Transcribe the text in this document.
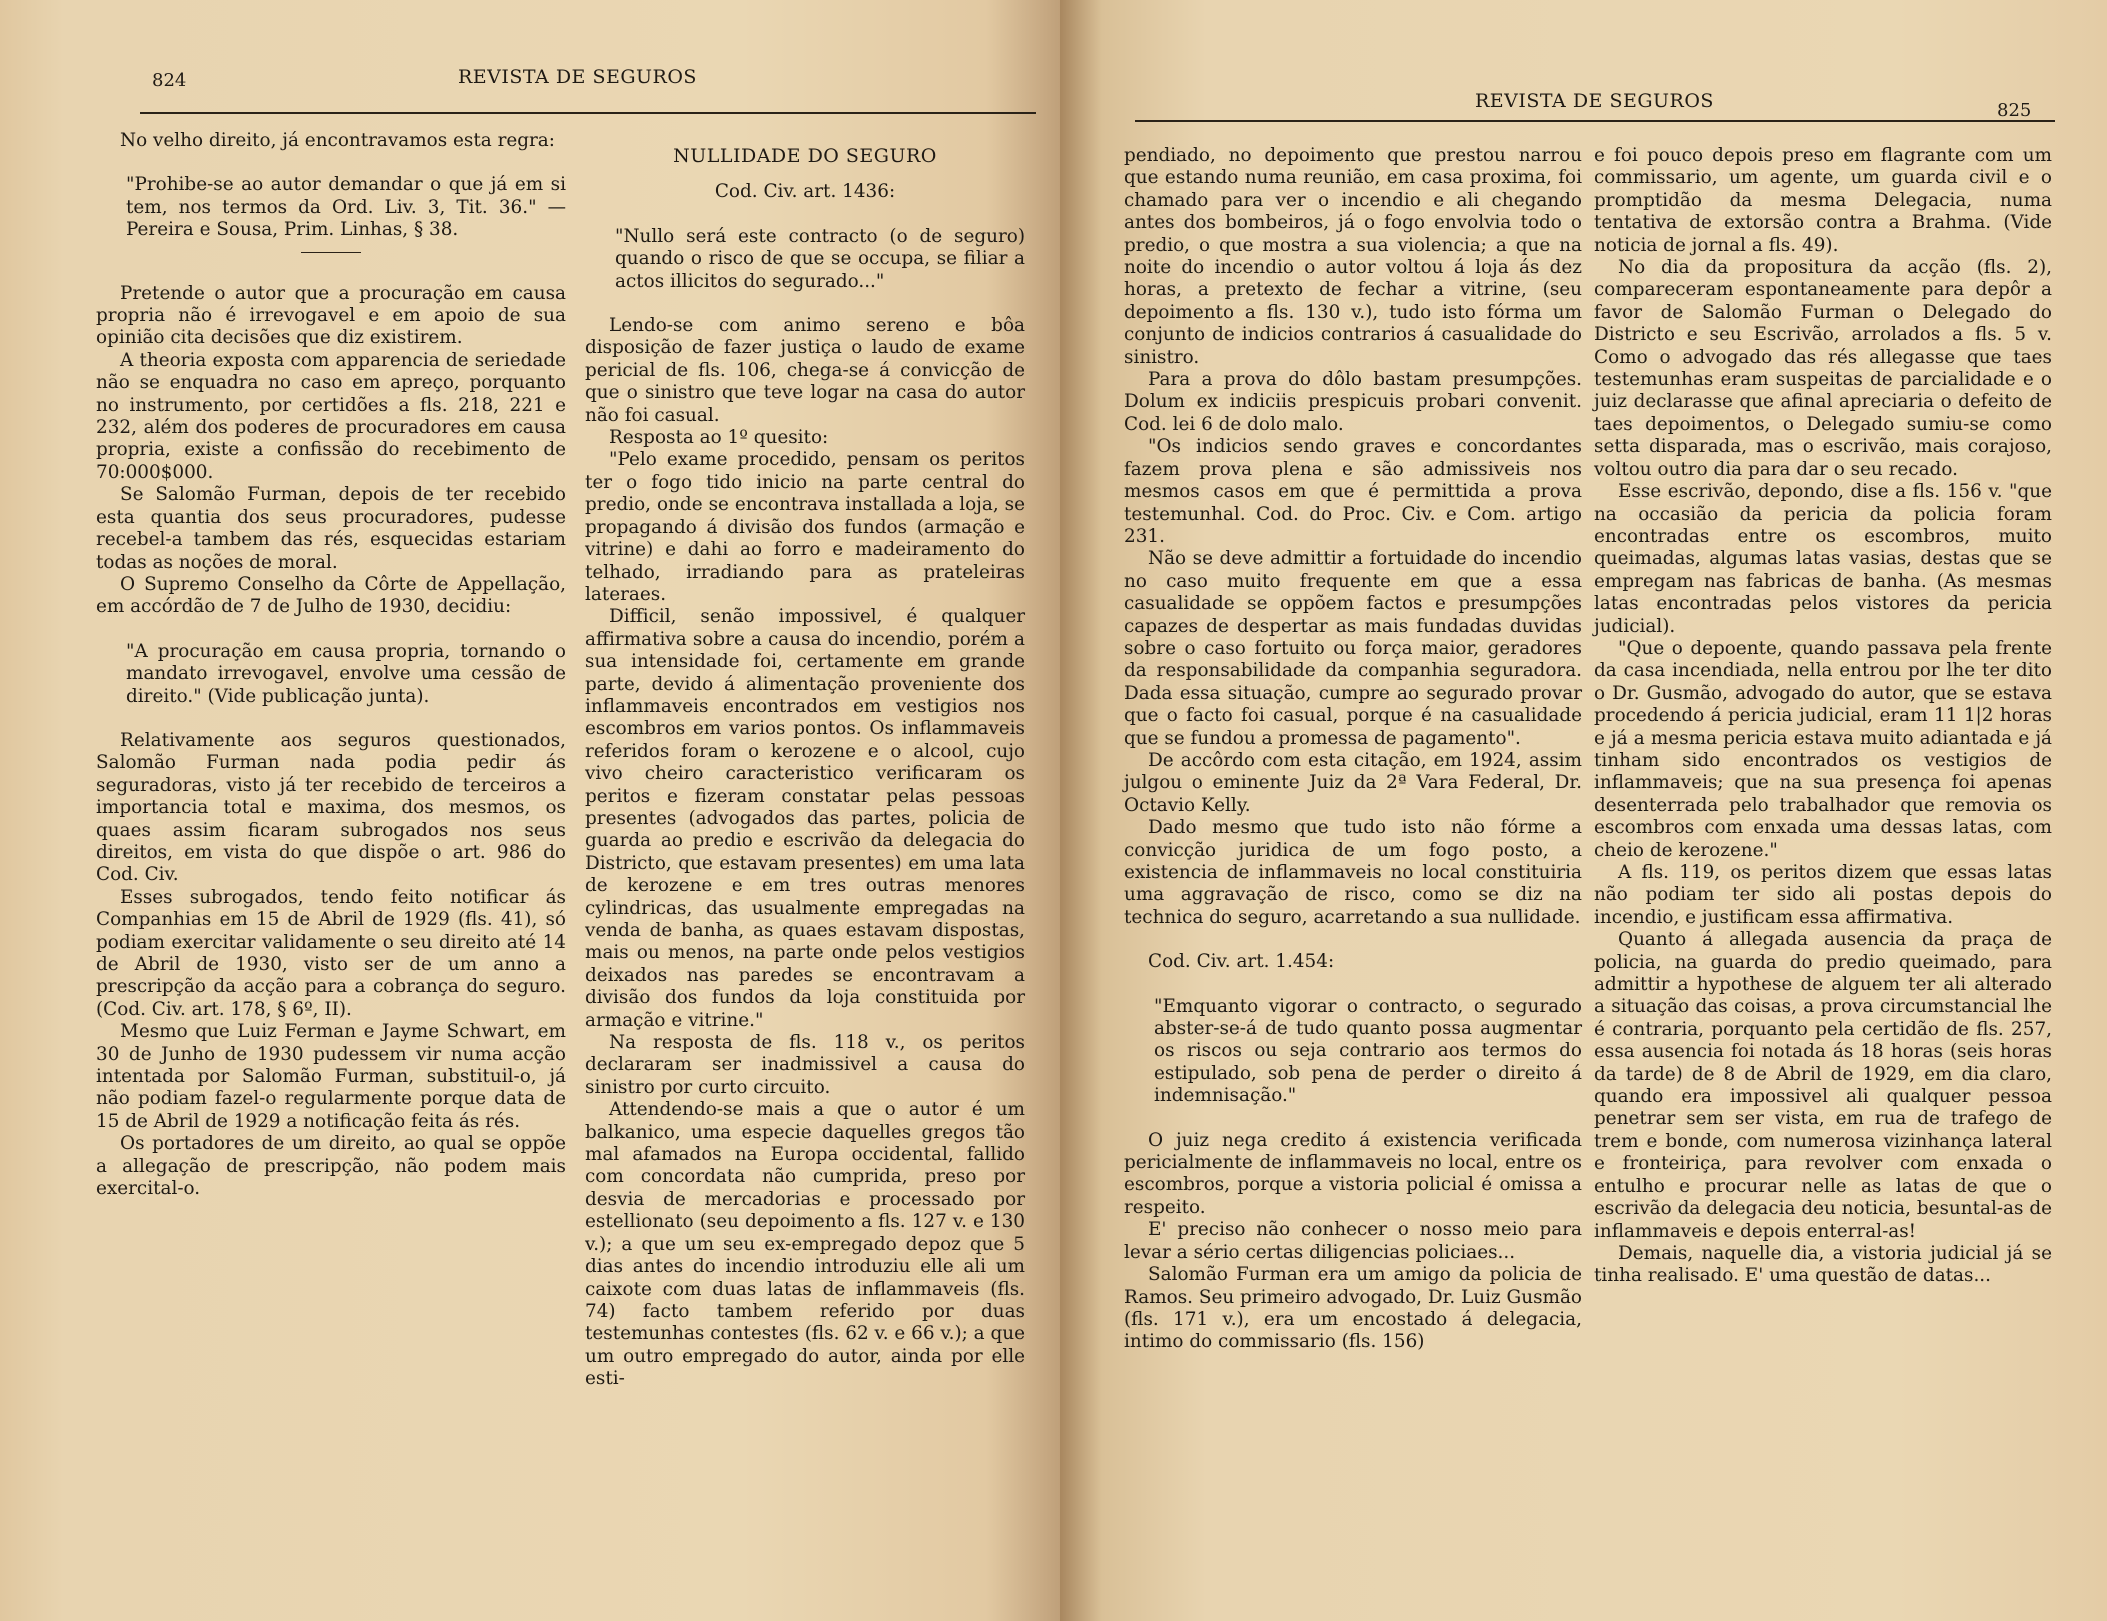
824	REVISTA DE SEGUROS

No velho direito, já encontravamos esta regra:

"Prohibe-se ao autor demandar o que já em si tem, nos termos da Ord. Liv. 3, Tit. 36." — Pereira e Sousa, Prim. Linhas, § 38.

Pretende o autor que a procuração em causa propria não é irrevogavel e em apoio de sua opinião cita decisões que diz existirem.

A theoria exposta com apparencia de seriedade não se enquadra no caso em apreço, porquanto no instrumento, por certidões a fls. 218, 221 e 232, além dos poderes de procuradores em causa propria, existe a confissão do recebimento de 70:000$000.

Se Salomão Furman, depois de ter recebido esta quantia dos seus procuradores, pudesse recebel-a tambem das rés, esquecidas estariam todas as noções de moral.

O Supremo Conselho da Côrte de Appellação, em accórdão de 7 de Julho de 1930, decidiu:

"A procuração em causa propria, tornando o mandato irrevogavel, envolve uma cessão de direito." (Vide publicação junta).

Relativamente aos seguros questionados, Salomão Furman nada podia pedir ás seguradoras, visto já ter recebido de terceiros a importancia total e maxima, dos mesmos, os quaes assim ficaram subrogados nos seus direitos, em vista do que dispõe o art. 986 do Cod. Civ.

Esses subrogados, tendo feito notificar ás Companhias em 15 de Abril de 1929 (fls. 41), só podiam exercitar validamente o seu direito até 14 de Abril de 1930, visto ser de um anno a prescripção da acção para a cobrança do seguro. (Cod. Civ. art. 178, § 6º, II).

Mesmo que Luiz Ferman e Jayme Schwart, em 30 de Junho de 1930 pudessem vir numa acção intentada por Salomão Furman, substituil-o, já não podiam fazel-o regularmente porque data de 15 de Abril de 1929 a notificação feita ás rés.

Os portadores de um direito, ao qual se oppõe a allegação de prescripção, não podem mais exercital-o.

NULLIDADE DO SEGURO

Cod. Civ. art. 1436:

"Nullo será este contracto (o de seguro) quando o risco de que se occupa, se filiar a actos illicitos do segurado..."

Lendo-se com animo sereno e bôa disposição de fazer justiça o laudo de exame pericial de fls. 106, chega-se á convicção de que o sinistro que teve logar na casa do autor não foi casual.

Resposta ao 1º quesito:

"Pelo exame procedido, pensam os peritos ter o fogo tido inicio na parte central do predio, onde se encontrava installada a loja, se propagando á divisão dos fundos (armação e vitrine) e dahi ao forro e madeiramento do telhado, irradiando para as prateleiras lateraes.

Difficil, senão impossivel, é qualquer affirmativa sobre a causa do incendio, porém a sua intensidade foi, certamente em grande parte, devido á alimentação proveniente dos inflammaveis encontrados em vestigios nos escombros em varios pontos. Os inflammaveis referidos foram o kerozene e o alcool, cujo vivo cheiro caracteristico verificaram os peritos e fizeram constatar pelas pessoas presentes (advogados das partes, policia de guarda ao predio e escrivão da delegacia do Districto, que estavam presentes) em uma lata de kerozene e em tres outras menores cylindricas, das usualmente empregadas na venda de banha, as quaes estavam dispostas, mais ou menos, na parte onde pelos vestigios deixados nas paredes se encontravam a divisão dos fundos da loja constituida por armação e vitrine."

Na resposta de fls. 118 v., os peritos declararam ser inadmissivel a causa do sinistro por curto circuito.

Attendendo-se mais a que o autor é um balkanico, uma especie daquelles gregos tão mal afamados na Europa occidental, fallido com concordata não cumprida, preso por desvia de mercadorias e processado por estellionato (seu depoimento a fls. 127 v. e 130 v.); a que um seu ex-empregado depoz que 5 dias antes do incendio introduziu elle ali um caixote com duas latas de inflammaveis (fls. 74) facto tambem referido por duas testemunhas contestes (fls. 62 v. e 66 v.); a que um outro empregado do autor, ainda por elle esti-

REVISTA DE SEGUROS	825

pendiado, no depoimento que prestou narrou que estando numa reunião, em casa proxima, foi chamado para ver o incendio e ali chegando antes dos bombeiros, já o fogo envolvia todo o predio, o que mostra a sua violencia; a que na noite do incendio o autor voltou á loja ás dez horas, a pretexto de fechar a vitrine, (seu depoimento a fls. 130 v.), tudo isto fórma um conjunto de indicios contrarios á casualidade do sinistro.

Para a prova do dôlo bastam presumpções. Dolum ex indiciis prespicuis probari convenit. Cod. lei 6 de dolo malo.

"Os indicios sendo graves e concordantes fazem prova plena e são admissiveis nos mesmos casos em que é permittida a prova testemunhal. Cod. do Proc. Civ. e Com. artigo 231.

Não se deve admittir a fortuidade do incendio no caso muito frequente em que a essa casualidade se oppõem factos e presumpções capazes de despertar as mais fundadas duvidas sobre o caso fortuito ou força maior, geradores da responsabilidade da companhia seguradora. Dada essa situação, cumpre ao segurado provar que o facto foi casual, porque é na casualidade que se fundou a promessa de pagamento".

De accôrdo com esta citação, em 1924, assim julgou o eminente Juiz da 2ª Vara Federal, Dr. Octavio Kelly.

Dado mesmo que tudo isto não fórme a convicção juridica de um fogo posto, a existencia de inflammaveis no local constituiria uma aggravação de risco, como se diz na technica do seguro, acarretando a sua nullidade.

Cod. Civ. art. 1.454:

"Emquanto vigorar o contracto, o segurado abster-se-á de tudo quanto possa augmentar os riscos ou seja contrario aos termos do estipulado, sob pena de perder o direito á indemnisação."

O juiz nega credito á existencia verificada pericialmente de inflammaveis no local, entre os escombros, porque a vistoria policial é omissa a respeito.

E' preciso não conhecer o nosso meio para levar a sério certas diligencias policiaes...

Salomão Furman era um amigo da policia de Ramos. Seu primeiro advogado, Dr. Luiz Gusmão (fls. 171 v.), era um encostado á delegacia, intimo do commissario (fls. 156)

e foi pouco depois preso em flagrante com um commissario, um agente, um guarda civil e o promptidão da mesma Delegacia, numa tentativa de extorsão contra a Brahma. (Vide noticia de jornal a fls. 49).

No dia da propositura da acção (fls. 2), compareceram espontaneamente para depôr a favor de Salomão Furman o Delegado do Districto e seu Escrivão, arrolados a fls. 5 v. Como o advogado das rés allegasse que taes testemunhas eram suspeitas de parcialidade e o juiz declarasse que afinal apreciaria o defeito de taes depoimentos, o Delegado sumiu-se como setta disparada, mas o escrivão, mais corajoso, voltou outro dia para dar o seu recado.

Esse escrivão, depondo, dise a fls. 156 v. "que na occasião da pericia da policia foram encontradas entre os escombros, muito queimadas, algumas latas vasias, destas que se empregam nas fabricas de banha. (As mesmas latas encontradas pelos vistores da pericia judicial).

"Que o depoente, quando passava pela frente da casa incendiada, nella entrou por lhe ter dito o Dr. Gusmão, advogado do autor, que se estava procedendo á pericia judicial, eram 11 1|2 horas e já a mesma pericia estava muito adiantada e já tinham sido encontrados os vestigios de inflammaveis; que na sua presença foi apenas desenterrada pelo trabalhador que removia os escombros com enxada uma dessas latas, com cheio de kerozene."

A fls. 119, os peritos dizem que essas latas não podiam ter sido ali postas depois do incendio, e justificam essa affirmativa.

Quanto á allegada ausencia da praça de policia, na guarda do predio queimado, para admittir a hypothese de alguem ter ali alterado a situação das coisas, a prova circumstancial lhe é contraria, porquanto pela certidão de fls. 257, essa ausencia foi notada ás 18 horas (seis horas da tarde) de 8 de Abril de 1929, em dia claro, quando era impossivel ali qualquer pessoa penetrar sem ser vista, em rua de trafego de trem e bonde, com numerosa vizinhança lateral e fronteiriça, para revolver com enxada o entulho e procurar nelle as latas de que o escrivão da delegacia deu noticia, besuntal-as de inflammaveis e depois enterral-as!

Demais, naquelle dia, a vistoria judicial já se tinha realisado. E' uma questão de datas...
